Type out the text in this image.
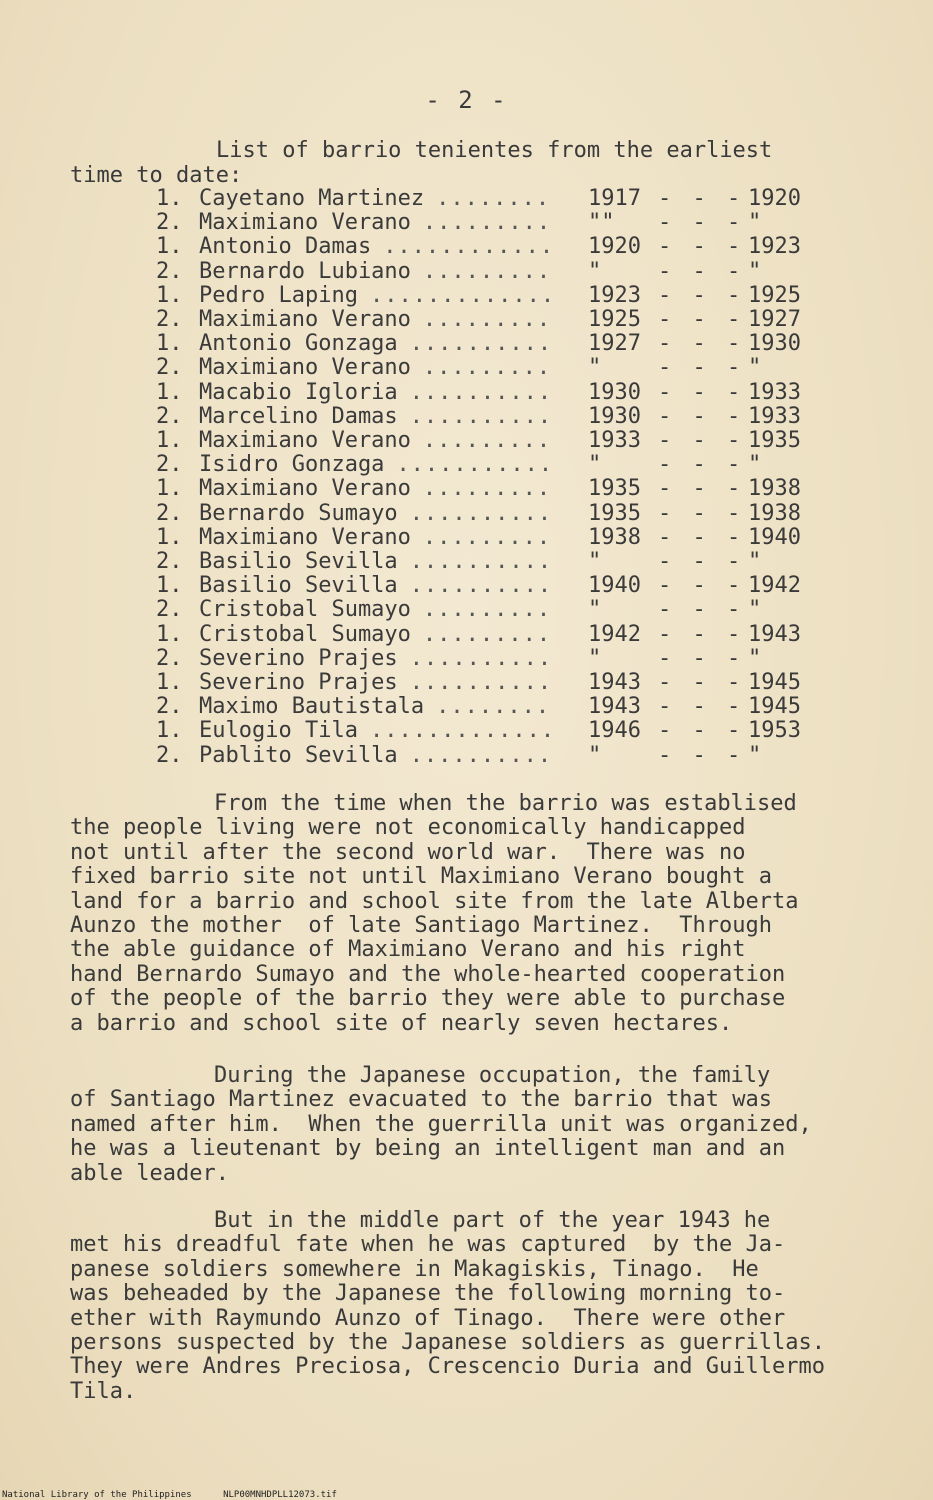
- 2 -
List of barrio tenientes from the earliest
time to date:
1. Cayetano Martinez ........ 1917 - - - 1920
2. Maximiano Verano ......... "" - - - "
1. Antonio Damas ............ 1920 - - - 1923
2. Bernardo Lubiano ......... "	- - - "
1. Pedro Laping ............. 1923 - - - 1925
2. Maximiano Verano ......... 1925 - - - 1927
1. Antonio Gonzaga .......... 1927 - - - 1930
2. Maximiano Verano ......... "	- - - "
1. Macabio Igloria .......... 1930 - - - 1933
2. Marcelino Damas .......... 1930 - - - 1933
1. Maximiano Verano ......... 1933 - - - 1935
2. Isidro Gonzaga ........... "	- - - "
1. Maximiano Verano ......... 1935 - - - 1938
2. Bernardo Sumayo .......... 1935 - - - 1938
1. Maximiano Verano ......... 1938 - - - 1940
2. Basilio Sevilla .......... "	- - - "
1. Basilio Sevilla .......... 1940 - - - 1942
2. Cristobal Sumayo ......... "	- - - "
1. Cristobal Sumayo ......... 1942 - - - 1943
2. Severino Prajes .......... "	- - - "
1. Severino Prajes .......... 1943 - - - 1945
2. Maximo Bautistala ........ 1943 - - - 1945
1. Eulogio Tila ............. 1946 - - - 1953
2. Pablito Sevilla .......... "	- - - "
From the time when the barrio was establised
the people living were not economically handicapped
not until after the second world war.  There was no
fixed barrio site not until Maximiano Verano bought a
land for a barrio and school site from the late Alberta
Aunzo the mother  of late Santiago Martinez.  Through
the able guidance of Maximiano Verano and his right
hand Bernardo Sumayo and the whole-hearted cooperation
of the people of the barrio they were able to purchase
a barrio and school site of nearly seven hectares.
During the Japanese occupation, the family
of Santiago Martinez evacuated to the barrio that was
named after him.  When the guerrilla unit was organized,
he was a lieutenant by being an intelligent man and an
able leader.
But in the middle part of the year 1943 he
met his dreadful fate when he was captured  by the Ja-
panese soldiers somewhere in Makagiskis, Tinago.  He
was beheaded by the Japanese the following morning to-
ether with Raymundo Aunzo of Tinago.  There were other
persons suspected by the Japanese soldiers as guerrillas.
They were Andres Preciosa, Crescencio Duria and Guillermo
Tila.
National Library of the Philippines	NLP00MNHDPLL12073.tif
